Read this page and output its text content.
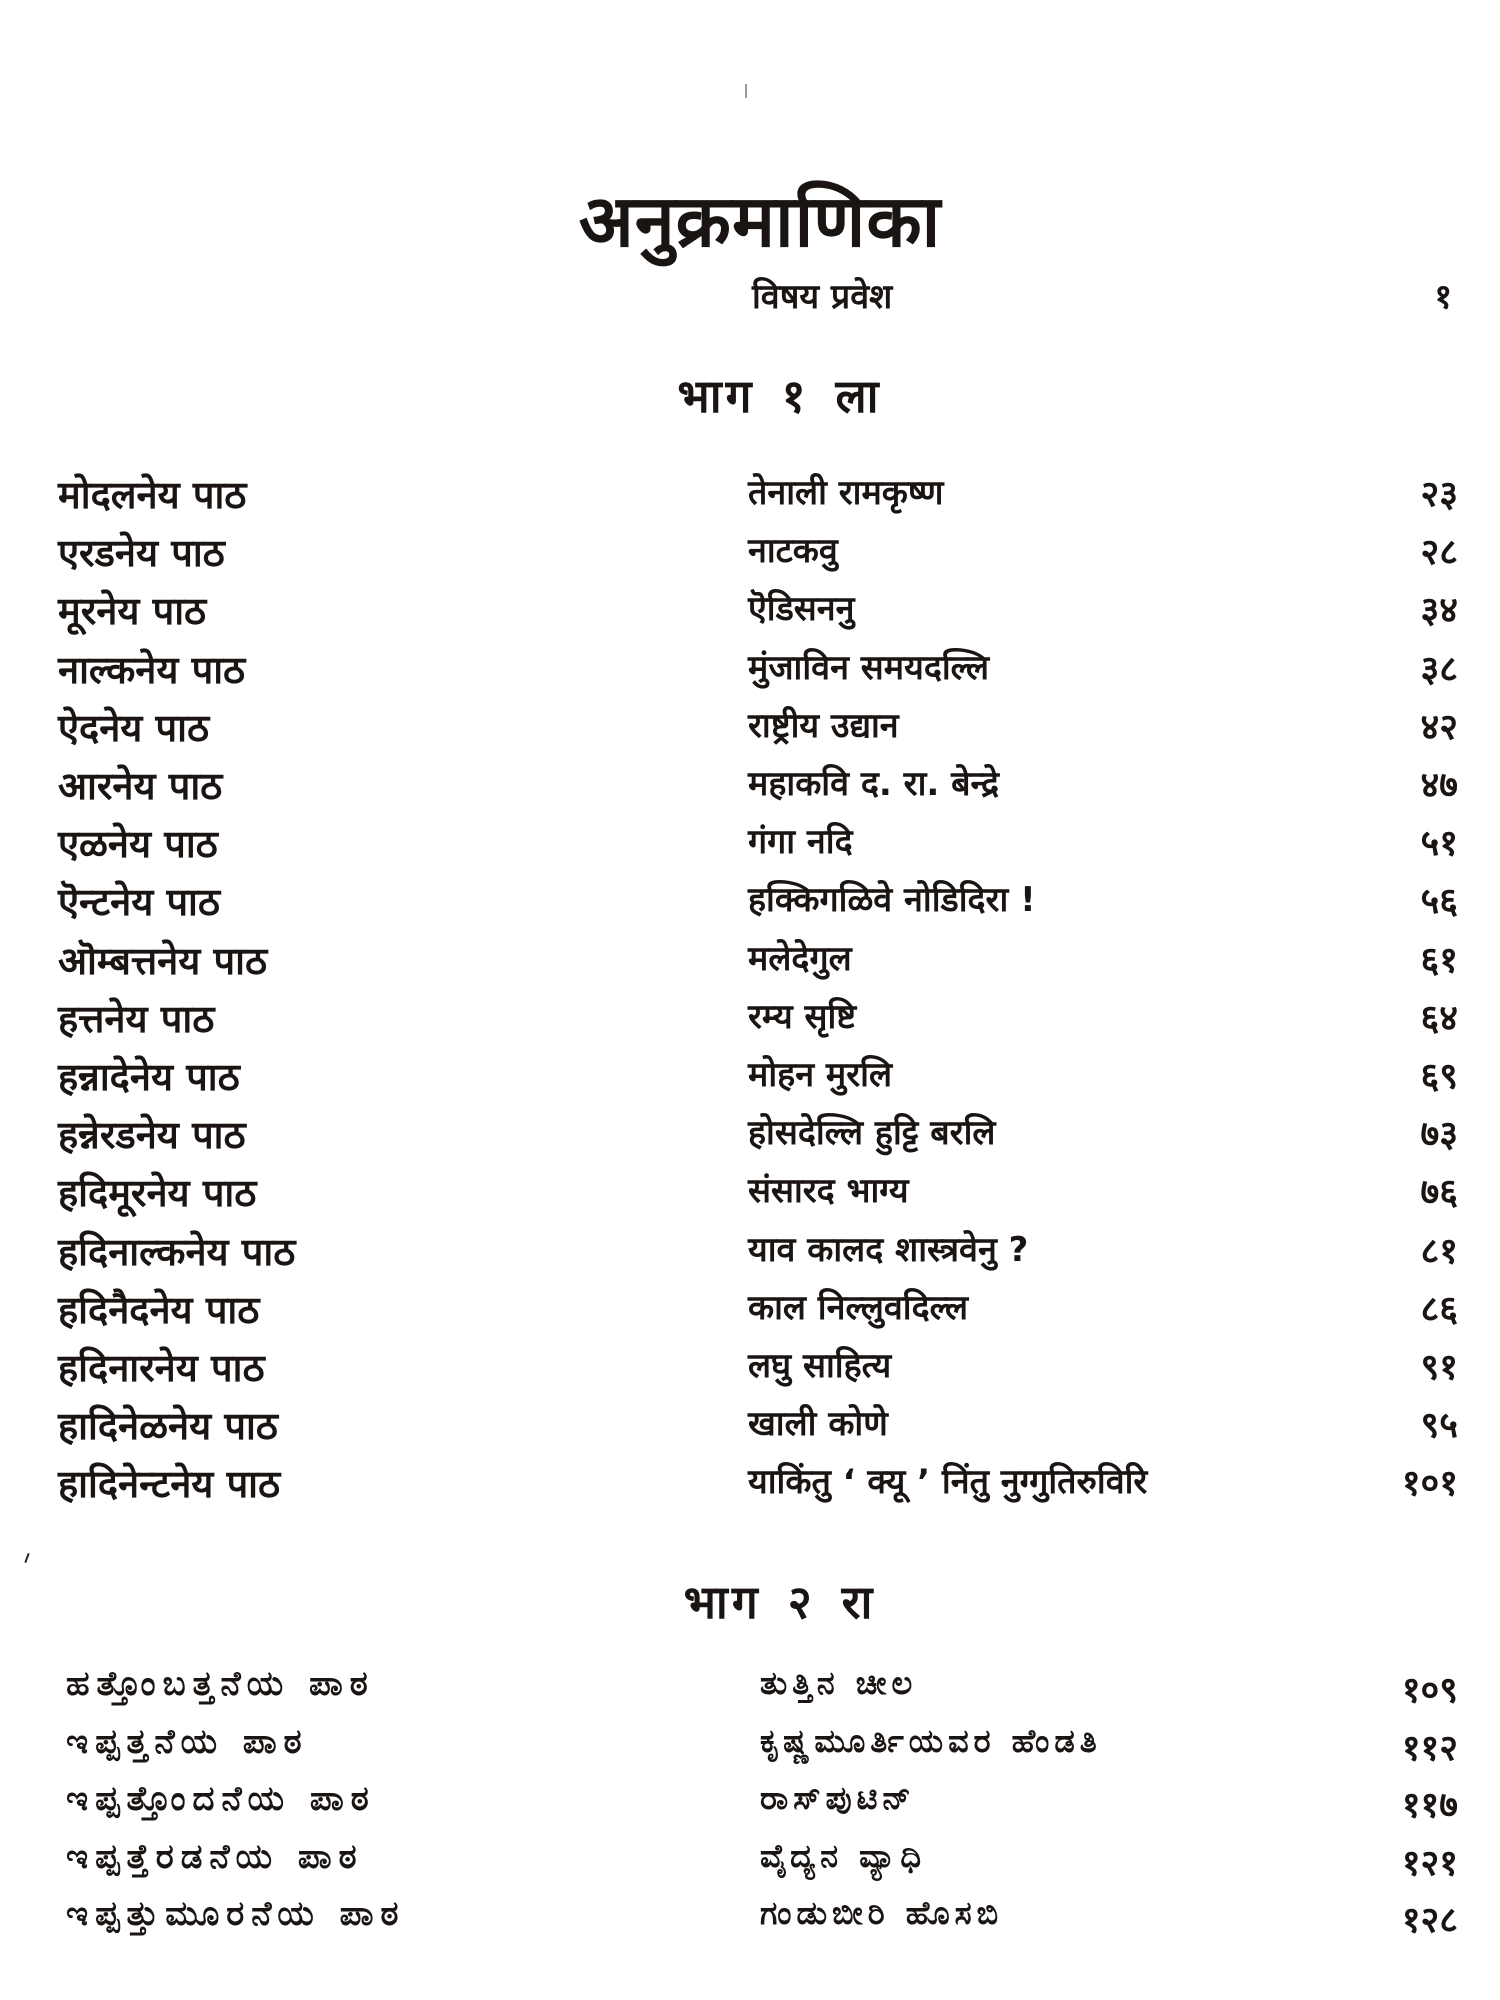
अनुक्रमाणिका
विषय प्रवेश	१
भाग १ ला
मोदलनेय पाठ	तेनाली रामकृष्ण	२३
एरडनेय पाठ	नाटकवु	२८
मूरनेय पाठ	ऎडिसननु	३४
नाल्कनेय पाठ	मुंजाविन समयदल्लि	३८
ऐदनेय पाठ	राष्ट्रीय उद्यान	४२
आरनेय पाठ	महाकवि द. रा. बेन्द्रे	४७
एळनेय पाठ	गंगा नदि	५१
ऎन्टनेय पाठ	हक्किगळिवे नोडिदिरा !	५६
ऒम्बत्तनेय पाठ	मलेदेगुल	६१
हत्तनेय पाठ	रम्य सृष्टि	६४
हन्नादेनेय पाठ	मोहन मुरलि	६९
हन्नेरडनेय पाठ	होसदेल्लि हुट्टि बरलि	७३
हदिमूरनेय पाठ	संसारद भाग्य	७६
हदिनाल्कनेय पाठ	याव कालद शास्त्रवेनु ?	८१
हदिनैदनेय पाठ	काल निल्लुवदिल्ल	८६
हदिनारनेय पाठ	लघु साहित्य	९१
हादिनेळनेय पाठ	खाली कोणे	९५
हादिनेन्टनेय पाठ	याकिंतु ‘ क्यू ’ निंतु नुग्गुतिरुविरि	१०१
भाग २ रा
ಹತ್ತೊಂಬತ್ತನೆಯ ಪಾಠ	ತುತ್ತಿನ ಚೀಲ	१०९
ಇಪ್ಪತ್ತನೆಯ ಪಾಠ	ಕೃಷ್ಣಮೂರ್ತಿಯವರ ಹೆಂಡತಿ	११२
ಇಪ್ಪತ್ತೊಂದನೆಯ ಪಾಠ	ರಾಸ್‌ಪುಟಿನ್	११७
ಇಪ್ಪತ್ತೆರಡನೆಯ ಪಾಠ	ವೈದ್ಯನ ವ್ಯಾಧಿ	१२१
ಇಪ್ಪತ್ತುಮೂರನೆಯ ಪಾಠ	ಗಂಡುಬೀರಿ ಹೊಸಬಿ	१२८
